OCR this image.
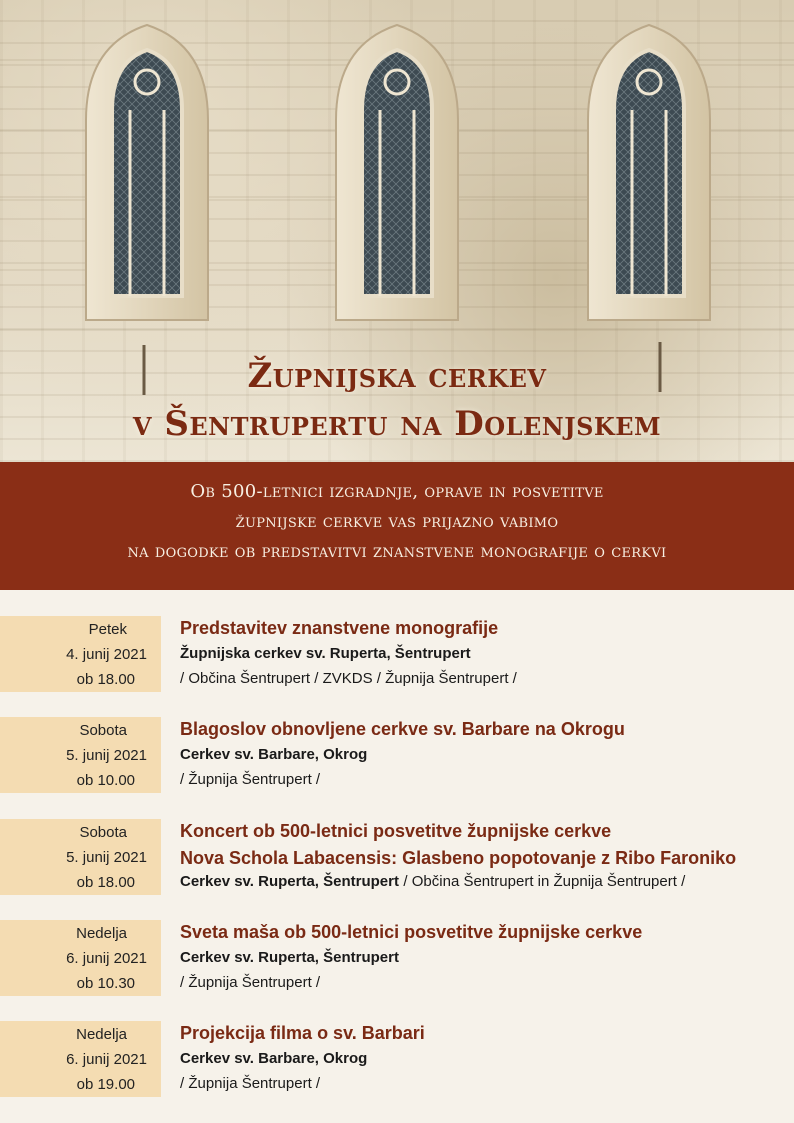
Župnijska cerkev
v Šentrupertu na Dolenjskem
Ob 500-letnici izgradnje, oprave in posvetitve
župnijske cerkve vas prijazno vabimo
na dogodke ob predstavitvi znanstvene monografije o cerkvi
Petek
4. junij 2021
ob 18.00
Predstavitev znanstvene monografije
Župnijska cerkev sv. Ruperta, Šentrupert
/ Občina Šentrupert / ZVKDS / Župnija Šentrupert /
Sobota
5. junij 2021
ob 10.00
Blagoslov obnovljene cerkve sv. Barbare na Okrogu
Cerkev sv. Barbare, Okrog
/ Župnija Šentrupert /
Sobota
5. junij 2021
ob 18.00
Koncert ob 500-letnici posvetitve župnijske cerkve
Nova Schola Labacensis: Glasbeno popotovanje z Ribo Faroniko
Cerkev sv. Ruperta, Šentrupert / Občina Šentrupert in Župnija Šentrupert /
Nedelja
6. junij 2021
ob 10.30
Sveta maša ob 500-letnici posvetitve župnijske cerkve
Cerkev sv. Ruperta, Šentrupert
/ Župnija Šentrupert /
Nedelja
6. junij 2021
ob 19.00
Projekcija filma o sv. Barbari
Cerkev sv. Barbare, Okrog
/ Župnija Šentrupert /
